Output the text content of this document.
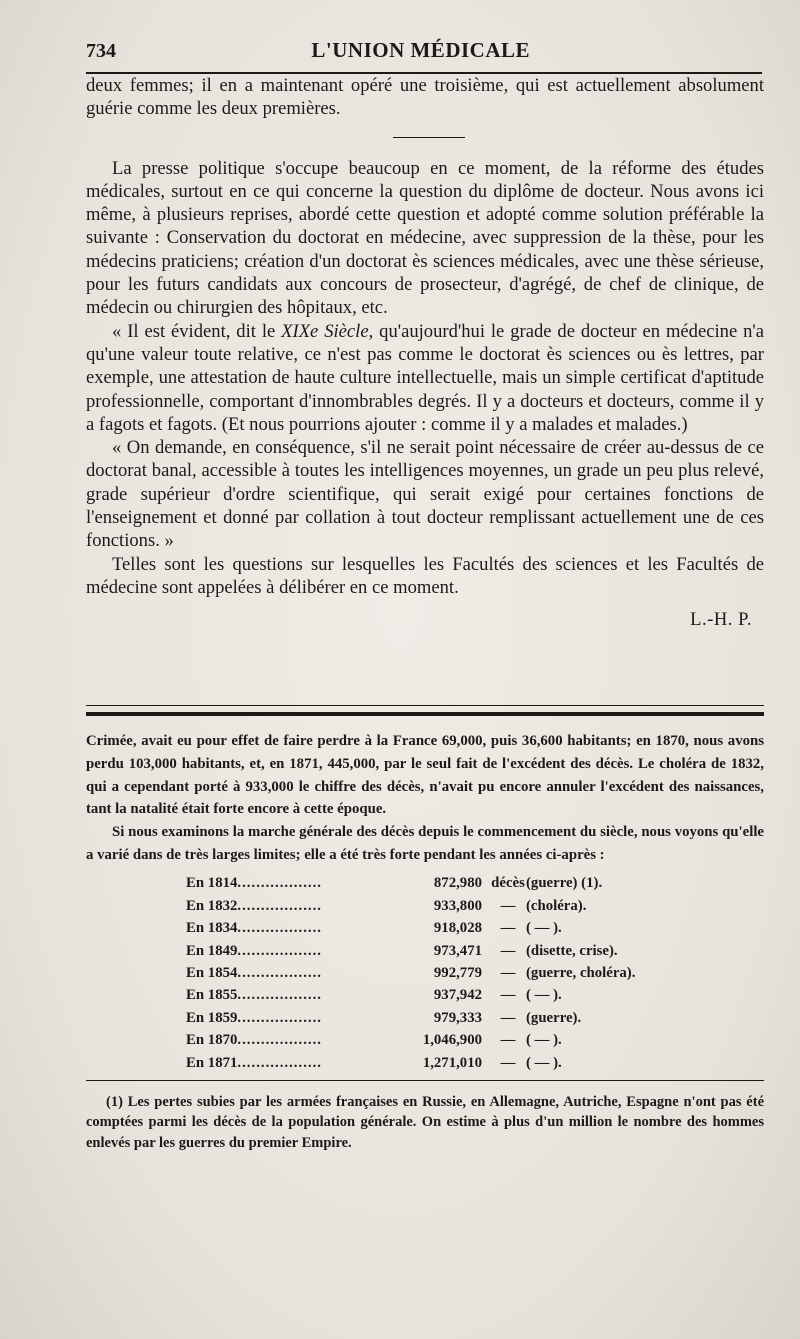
734	L'UNION MÉDICALE

deux femmes; il en a maintenant opéré une troisième, qui est actuellement absolument guérie comme les deux premières.

La presse politique s'occupe beaucoup en ce moment, de la réforme des études médicales, surtout en ce qui concerne la question du diplôme de docteur. Nous avons ici même, à plusieurs reprises, abordé cette question et adopté comme solution préférable la suivante : Conservation du doctorat en médecine, avec suppression de la thèse, pour les médecins praticiens; création d'un doctorat ès sciences médicales, avec une thèse sérieuse, pour les futurs candidats aux concours de prosecteur, d'agrégé, de chef de clinique, de médecin ou chirurgien des hôpitaux, etc.

« Il est évident, dit le XIXe Siècle, qu'aujourd'hui le grade de docteur en médecine n'a qu'une valeur toute relative, ce n'est pas comme le doctorat ès sciences ou ès lettres, par exemple, une attestation de haute culture intellectuelle, mais un simple certificat d'aptitude professionnelle, comportant d'innombrables degrés. Il y a docteurs et docteurs, comme il y a fagots et fagots. (Et nous pourrions ajouter : comme il y a malades et malades.)

« On demande, en conséquence, s'il ne serait point nécessaire de créer au-dessus de ce doctorat banal, accessible à toutes les intelligences moyennes, un grade un peu plus relevé, grade supérieur d'ordre scientifique, qui serait exigé pour certaines fonctions de l'enseignement et donné par collation à tout docteur remplissant actuellement une de ces fonctions. »

Telles sont les questions sur lesquelles les Facultés des sciences et les Facultés de médecine sont appelées à délibérer en ce moment.

L.-H. P.

Crimée, avait eu pour effet de faire perdre à la France 69,000, puis 36,600 habitants; en 1870, nous avons perdu 103,000 habitants, et, en 1871, 445,000, par le seul fait de l'excédent des décès. Le choléra de 1832, qui a cependant porté à 933,000 le chiffre des décès, n'avait pu encore annuler l'excédent des naissances, tant la natalité était forte encore à cette époque.

Si nous examinons la marche générale des décès depuis le commencement du siècle, nous voyons qu'elle a varié dans de très larges limites; elle a été très forte pendant les années ci-après :

En 1814..................	872,980 décès (guerre) (1).
En 1832..................	933,800	— (choléra).
En 1834..................	918,028	— ( — ).
En 1849..................	973,471	— (disette, crise).
En 1854..................	992,779	— (guerre, choléra).
En 1855..................	937,942	— ( — ).
En 1859..................	979,333	— (guerre).
En 1870..................	1,046,900	— ( — ).
En 1871..................	1,271,010	— ( — ).

(1) Les pertes subies par les armées françaises en Russie, en Allemagne, Autriche, Espagne n'ont pas été comptées parmi les décès de la population générale. On estime à plus d'un million le nombre des hommes enlevés par les guerres du premier Empire.
